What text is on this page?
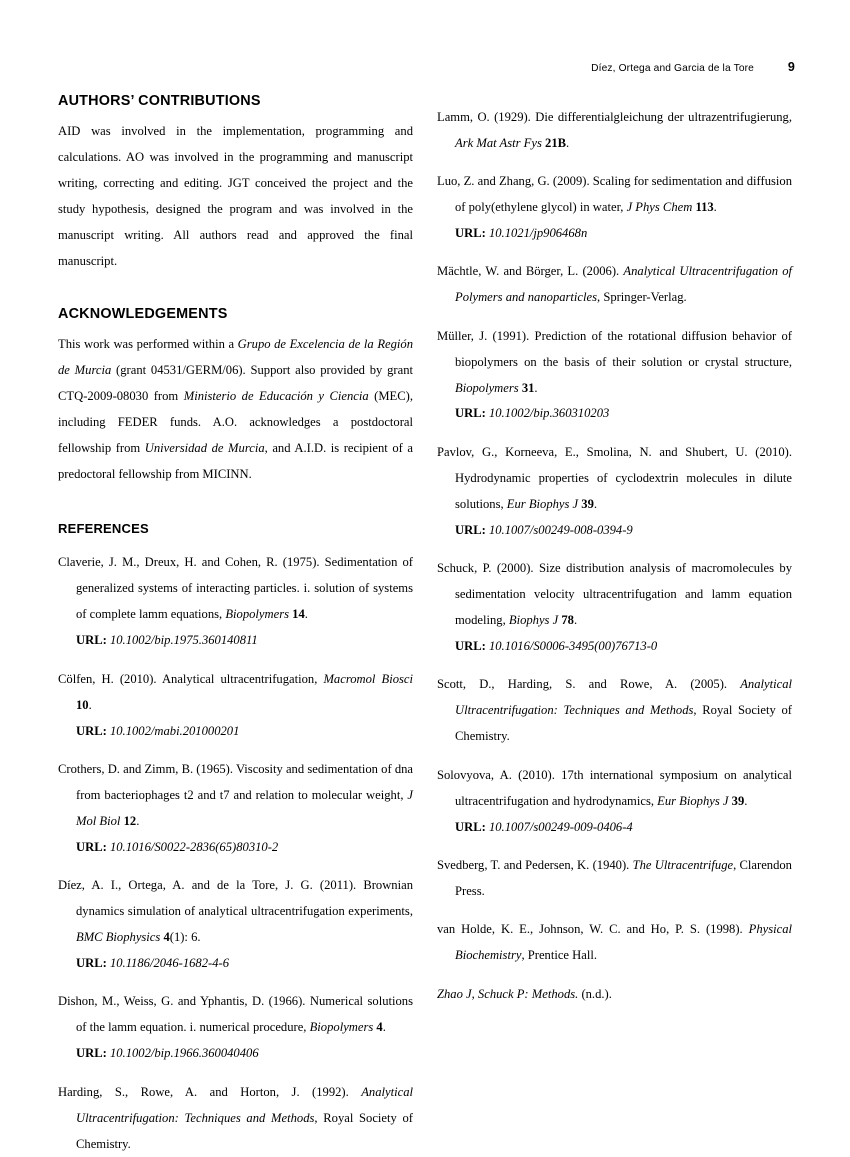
Díez, Ortega and Garcia de la Tore	9
AUTHORS’ CONTRIBUTIONS

AID was involved in the implementation, programming and calculations. AO was involved in the programming and manuscript writing, correcting and editing. JGT conceived the project and the study hypothesis, designed the program and was involved in the manuscript writing. All authors read and approved the final manuscript.

ACKNOWLEDGEMENTS

This work was performed within a Grupo de Excelencia de la Región de Murcia (grant 04531/GERM/06). Support also provided by grant CTQ-2009-08030 from Ministerio de Educación y Ciencia (MEC), including FEDER funds. A.O. acknowledges a postdoctoral fellowship from Universidad de Murcia, and A.I.D. is recipient of a predoctoral fellowship from MICINN.

REFERENCES

Claverie, J. M., Dreux, H. and Cohen, R. (1975). Sedimentation of generalized systems of interacting particles. i. solution of systems of complete lamm equations, Biopolymers 14.
URL: 10.1002/bip.1975.360140811

Cölfen, H. (2010). Analytical ultracentrifugation, Macromol Biosci 10.
URL: 10.1002/mabi.201000201

Crothers, D. and Zimm, B. (1965). Viscosity and sedimentation of dna from bacteriophages t2 and t7 and relation to molecular weight, J Mol Biol 12.
URL: 10.1016/S0022-2836(65)80310-2

Díez, A. I., Ortega, A. and de la Tore, J. G. (2011). Brownian dynamics simulation of analytical ultracentrifugation experiments, BMC Biophysics 4(1): 6.
URL: 10.1186/2046-1682-4-6

Dishon, M., Weiss, G. and Yphantis, D. (1966). Numerical solutions of the lamm equation. i. numerical procedure, Biopolymers 4.
URL: 10.1002/bip.1966.360040406

Harding, S., Rowe, A. and Horton, J. (1992). Analytical Ultracentrifugation: Techniques and Methods, Royal Society of Chemistry.

Lamm, O. (1929). Die differentialgleichung der ultrazentrifugierung, Ark Mat Astr Fys 21B.

Luo, Z. and Zhang, G. (2009). Scaling for sedimentation and diffusion of poly(ethylene glycol) in water, J Phys Chem 113.
URL: 10.1021/jp906468n

Mächtle, W. and Börger, L. (2006). Analytical Ultracentrifugation of Polymers and nanoparticles, Springer-Verlag.

Müller, J. (1991). Prediction of the rotational diffusion behavior of biopolymers on the basis of their solution or crystal structure, Biopolymers 31.
URL: 10.1002/bip.360310203

Pavlov, G., Korneeva, E., Smolina, N. and Shubert, U. (2010). Hydrodynamic properties of cyclodextrin molecules in dilute solutions, Eur Biophys J 39.
URL: 10.1007/s00249-008-0394-9

Schuck, P. (2000). Size distribution analysis of macromolecules by sedimentation velocity ultracentrifugation and lamm equation modeling, Biophys J 78.
URL: 10.1016/S0006-3495(00)76713-0

Scott, D., Harding, S. and Rowe, A. (2005). Analytical Ultracentrifugation: Techniques and Methods, Royal Society of Chemistry.

Solovyova, A. (2010). 17th international symposium on analytical ultracentrifugation and hydrodynamics, Eur Biophys J 39.
URL: 10.1007/s00249-009-0406-4

Svedberg, T. and Pedersen, K. (1940). The Ultracentrifuge, Clarendon Press.

van Holde, K. E., Johnson, W. C. and Ho, P. S. (1998). Physical Biochemistry, Prentice Hall.

Zhao J, Schuck P: Methods. (n.d.).
